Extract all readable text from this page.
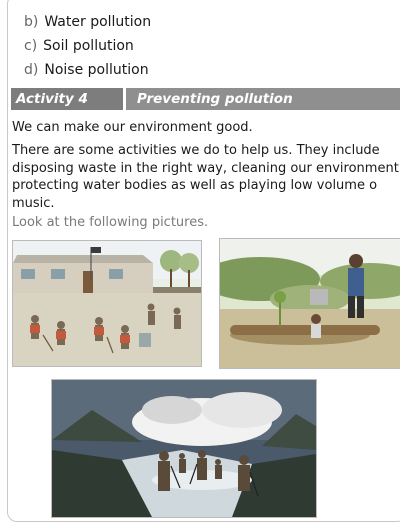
b) Water pollution
c) Soil pollution
d) Noise pollution
Activity 4	Preventing pollution
We can make our environment good.
There are some activities we do to help us. They include
disposing waste in the right way, cleaning our environment
protecting water bodies as well as playing low volume o
music.
Look at the following pictures.
